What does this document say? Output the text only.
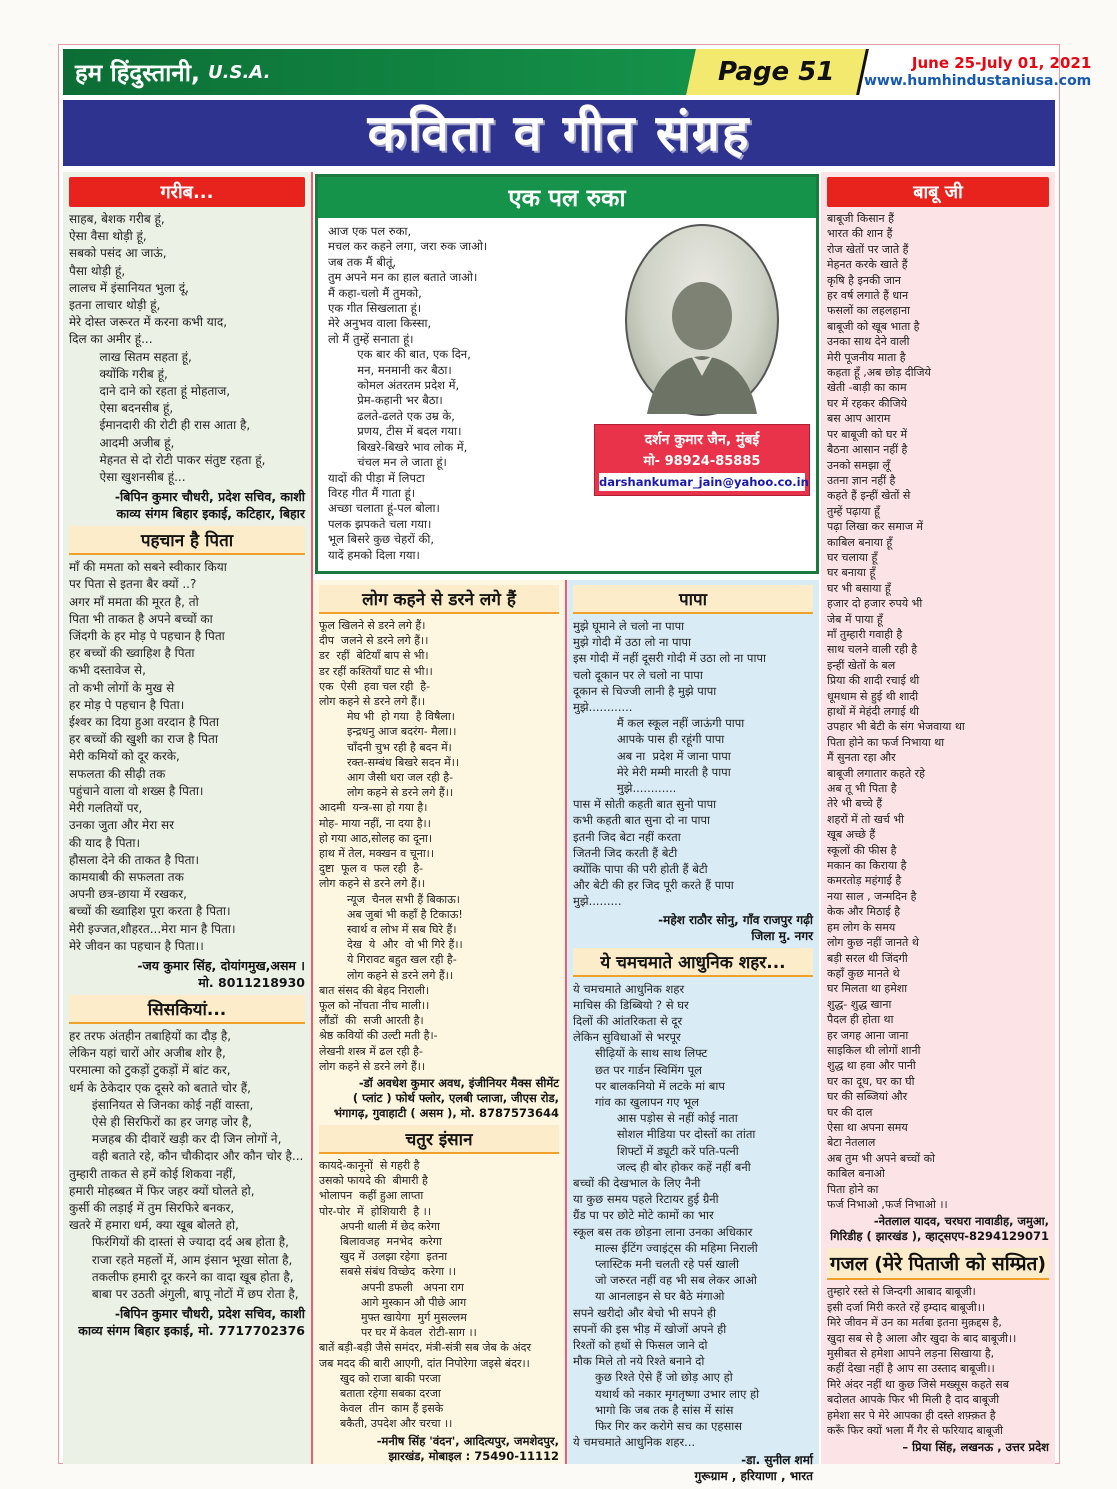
हम हिंदुस्तानी, U.S.A.	Page 51	June 25-July 01, 2021
www.humhindustaniusa.com
कविता व गीत संग्रह
गरीब...
साहब, बेशक गरीब हूं,
ऐसा वैसा थोड़ी हूं,
सबको पसंद आ जाऊं,
पैसा थोड़ी हूं,
लालच में इंसानियत भुला दूं,
इतना लाचार थोड़ी हूं,
मेरे दोस्त जरूरत में करना कभी याद,
दिल का अमीर हूं...
लाख सितम सहता हूं,
क्योंकि गरीब हूं,
दाने दाने को रहता हूं मोहताज,
ऐसा बदनसीब हूं,
ईमानदारी की रोटी ही रास आता है,
आदमी अजीब हूं,
मेहनत से दो रोटी पाकर संतुष्ट रहता हूं,
ऐसा खुशनसीब हूं...
-बिपिन कुमार चौधरी, प्रदेश सचिव, काशी
काव्य संगम बिहार इकाई, कटिहार, बिहार
पहचान है पिता
माँ की ममता को सबने स्वीकार किया
पर पिता से इतना बैर क्यों ..?
अगर माँ ममता की मूरत है, तो
पिता भी ताकत है अपने बच्चों का
जिंदगी के हर मोड़ पे पहचान है पिता
हर बच्चों की ख्वाहिश है पिता
कभी दस्तावेज से,
तो कभी लोगों के मुख से
हर मोड़ पे पहचान है पिता।
ईश्वर का दिया हुआ वरदान है पिता
हर बच्चों की खुशी का राज है पिता
मेरी कमियों को दूर करके,
सफलता की सीढ़ी तक
पहुंचाने वाला वो शख्स है पिता।
मेरी गलतियों पर,
उनका जुता और मेरा सर
की याद है पिता।
हौसला देने की ताकत है पिता।
कामयाबी की सफलता तक
अपनी छत्र-छाया में रखकर,
बच्चों की ख्वाहिश पूरा करता है पिता।
मेरी इज्जत,शौहरत...मेरा मान है पिता।
मेरे जीवन का पहचान है पिता।।
-जय कुमार सिंह, दोयांगमुख,असम ।
मो. 8011218930
सिसकियां...
हर तरफ अंतहीन तबाहियों का दौड़ है,
लेकिन यहां चारों ओर अजीब शोर है,
परमात्मा को टुकड़ों टुकड़ों में बांट कर,
धर्म के ठेकेदार एक दूसरे को बताते चोर हैं,
इंसानियत से जिनका कोई नहीं वास्ता,
ऐसे ही सिरफिरों का हर जगह जोर है,
मजहब की दीवारें खड़ी कर दी जिन लोगों ने,
वही बताते रहे, कौन चौकीदार और कौन चोर है...
तुम्हारी ताकत से हमें कोई शिकवा नहीं,
हमारी मोहब्बत में फिर जहर क्यों घोलते हो,
कुर्सी की लड़ाई में तुम सिरफिरे बनकर,
खतरे में हमारा धर्म, क्या खूब बोलते हो,
फिरंगियों की दास्तां से ज्यादा दर्द अब होता है,
राजा रहते महलों में, आम इंसान भूखा सोता है,
तकलीफ हमारी दूर करने का वादा खूब होता है,
बाबा पर उठती अंगुली, बापू नोटों में छप रोता है,
-बिपिन कुमार चौधरी, प्रदेश सचिव, काशी
काव्य संगम बिहार इकाई, मो. 7717702376
एक पल रुका
आज एक पल रुका,
मचल कर कहने लगा, जरा रुक जाओ।
जब तक मैं बीतूं,
तुम अपने मन का हाल बताते जाओ।
मैं कहा-चलो मैं तुमको,
एक गीत सिखलाता हूं।
मेरे अनुभव वाला किस्सा,
लो मैं तुम्हें सनाता हूं।
एक बार की बात, एक दिन,
मन, मनमानी कर बैठा।
कोमल अंतरतम प्रदेश में,
प्रेम-कहानी भर बैठा।
ढलते-ढलते एक उम्र के,
प्रणय, टीस में बदल गया।
बिखरे-बिखरे भाव लोक में,
चंचल मन ले जाता हूं।
यादों की पीड़ा में लिपटा
विरह गीत मैं गाता हूं।
अच्छा चलाता हूं-पल बोला।
पलक झपकते चला गया।
भूल बिसरे कुछ चेहरों की,
यादें हमको दिला गया।
दर्शन कुमार जैन, मुंबई
मो- 98924-85885
darshankumar_jain@yahoo.co.in
लोग कहने से डरने लगे हैं
फूल खिलने से डरने लगे हैं।
दीप  जलने से डरने लगे हैं।।
डर  रहीं  बेटियाँ बाप से भी।
डर रहीं कश्तियाँ घाट से भी।।
एक  ऐसी  हवा चल रही  है-
लोग कहने से डरने लगे हैं।।
मेघ भी  हो गया  है विषैला।
इन्द्रधनु आज बदरंग- मैला।।
चाँदनी चुभ रही है बदन में।
रक्त-सम्बंध बिखरे सदन में।।
आग जैसी धरा जल रही है-
लोग कहने से डरने लगे हैं।।
आदमी  यन्त्र-सा हो गया है।
मोह- माया नहीं, ना दया है।।
हो गया आठ,सोलह का दूना।
हाथ में तेल, मक्खन व चूना।।
दुष्टा  फूल व  फल रही  है-
लोग कहने से डरने लगे हैं।।
न्यूज  चैनल सभी हैं बिकाऊ।
अब जुबां भी कहाँ है टिकाऊ!
स्वार्थ व लोभ में सब घिरे हैं।
देख  ये  और  वो भी गिरे हैं।।
ये गिरावट बहुत खल रही है-
लोग कहने से डरने लगे हैं।।
बात संसद की बेहद निराली।
फूल को नोंचता नीच माली।।
लौंडों  की  सजी आरती है।
श्रेष्ठ कवियों की उल्टी मती है।-
लेखनी शस्त्र में ढल रही है-
लोग कहने से डरने लगे हैं।।
-डॉ अवधेश कुमार अवध, इंजीनियर मैक्स सीमेंट
( प्लांट ) फोर्थ फ्लोर, एलबी प्लाजा, जीएस रोड,
भंगागढ़, गुवाहाटी ( असम ), मो. 8787573644
चतुर इंसान
कायदे-कानूनों  से गहरी है
उसको फायदे की  बीमारी है
भोलापन  कहीं हुआ लाप्ता
पोर-पोर  में  होशियारी  है ।।
अपनी थाली में छेद करेगा
बिलावजह  मनभेद  करेगा
खुद में  उलझा रहेगा  इतना
सबसे संबंध विच्छेद  करेगा ।।
अपनी डफली   अपना राग
आगे मुस्कान औ पीछे आग
मुफ्त खायेगा  मुर्ग मुसल्लम
पर घर में केवल  रोटी-साग ।।
बातें बड़ी-बड़ी जैसे समंदर, मंत्री-संत्री सब जेब के अंदर
जब मदद की बारी आएगी, दांत निपोरेगा जइसे बंदर।।
खुद को राजा बाकी परजा
बताता रहेगा सबका दरजा
केवल  तीन  काम हैं इसके
बकैती, उपदेश और चरचा ।।
-मनीष सिंह 'वंदन', आदित्यपुर, जमशेदपुर,
झारखंड, मोबाइल : 75490-11112
पापा
मुझे घूमाने ले चलो ना पापा
मुझे गोदी में उठा लो ना पापा
इस गोदी में नहीं दूसरी गोदी में उठा लो ना पापा
चलो दूकान पर ले चलो ना पापा
दूकान से चिज्जी लानी है मुझे पापा
मुझे............
मैं कल स्कूल नहीं जाऊंगी पापा
आपके पास ही रहूंगी पापा
अब ना  प्रदेश में जाना पापा
मेरे मेरी मम्मी मारती है पापा
मुझे............
पास में सोती कहती बात सुनो पापा
कभी कहती बात सुना दो ना पापा
इतनी जिद बेटा नहीं करता
जितनी जिद करती हैं बेटी
क्योंकि पापा की परी होती हैं बेटी
और बेटी की हर जिद पूरी करते हैं पापा
मुझे.........
-महेश राठौर सोनु, गाँव राजपुर गढ़ी
जिला मु. नगर
ये चमचमाते आधुनिक शहर...
ये चमचमाते आधुनिक शहर
माचिस की डिब्बियो ? से घर
दिलों की आंतरिकता से दूर
लेकिन सुविधाओं से भरपूर
सीढ़ियों के साथ साथ लिफ्ट
छत पर गार्डन स्विमिंग पूल
पर बालकनियो में लटके मां बाप
गांव का खुलापन गए भूल
आस पड़ोस से नहीं कोई नाता
सोशल मीडिया पर दोस्तों का तांता
शिफ्टों में ड्यूटी करें पति-पत्नी
जल्द ही बोर होकर कहें नहीं बनी
बच्चों की देखभाल के लिए नैनी
या कुछ समय पहले रिटायर हुई ग्रैनी
ग्रैंड पा पर छोटे मोटे कामों का भार
स्कूल बस तक छोड़ना लाना उनका अधिकार
माल्स ईटिंग ज्वाइंट्स की महिमा निराली
प्लास्टिक मनी चलती रहे पर्स खाली
जो जरुरत नहीं वह भी सब लेकर आओ
या आनलाइन से घर बैठे मंगाओ
सपने खरीदो और बेचो भी सपने ही
सपनों की इस भीड़ में खोजों अपने ही
रिश्तों को हथों से फिसल जाने दो
मौक मिले तो नये रिश्ते बनाने दो
कुछ रिश्ते ऐसे हैं जो छोड़ आए हो
यथार्थ को नकार मृगतृष्णा उभार लाए हो
भागो कि जब तक है सांस में सांस
फिर गिर कर करोगे सच का एहसास
ये चमचमाते आधुनिक शहर...
-डा. सुनील शर्मा
गुरूग्राम , हरियाणा , भारत
बाबू जी
बाबूजी किसान हैं
भारत की शान हैं
रोज खेतों पर जाते हैं
मेहनत करके खाते हैं
कृषि है इनकी जान
हर वर्ष लगाते हैं धान
फसलों का लहलहाना
बाबूजी को खूब भाता है
उनका साथ देने वाली
मेरी पूजनीय माता है
कहता हूँ ,अब छोड़ दीजिये
खेती -बाड़ी का काम
घर में रहकर कीजिये
बस आप आराम
पर बाबूजी को घर में
बैठना आसान नहीं है
उनको समझा लूँ
उतना ज्ञान नहीं है
कहते हैं इन्हीं खेतों से
तुम्हें पढ़ाया हूँ
पढ़ा लिखा कर समाज में
काबिल बनाया हूँ
घर चलाया हूँ
घर बनाया हूँ
घर भी बसाया हूँ
हजार दो हजार रुपये भी
जेब में पाया हूँ
माँ तुम्हारी गवाही है
साथ चलने वाली रही है
इन्हीं खेतों के बल
प्रिया की शादी रचाई थी
धूमधाम से हुई थी शादी
हाथों में मेहंदी लगाई थी
उपहार भी बेटी के संग भेजवाया था
पिता होने का फर्ज निभाया था
मैं सुनता रहा और
बाबूजी लगातार कहते रहे
अब तू भी पिता है
तेरे भी बच्चे हैं
शहरों में तो खर्च भी
खूब अच्छे हैं
स्कूलों की फीस है
मकान का किराया है
कमरतोड़ महंगाई है
नया साल , जन्मदिन है
केक और मिठाई है
हम लोग के समय
लोग कुछ नहीं जानते थे
बड़ी सरल थी जिंदगी
कहाँ कुछ मानते थे
घर मिलता था हमेशा
शुद्ध- शुद्ध खाना
पैदल ही होता था
हर जगह आना जाना
साइकिल थी लोगों शानी
शुद्ध था हवा और पानी
घर का दूध, घर का घी
घर की सब्जियां और
घर की दाल
ऐसा था अपना समय
बेटा नेतलाल
अब तुम भी अपने बच्चों को
काबिल बनाओ
पिता होने का
फर्ज निभाओ ,फर्ज निभाओ ।।
-नेतलाल यादव, चरघरा नावाडीह, जमुआ,
गिरिडीह ( झारखंड ), व्हाट्सएप-8294129071
गजल (मेरे पिताजी को सम्प्रित)
तुम्हारे रस्ते से जिन्दगी आबाद बाबूजी।
इसी दर्जा मिरी करते रहें इम्दाद बाबूजी।।
मिरे जीवन में उन का मर्तबा इतना मुक़द्दस है,
खुदा सब से है आला और खुदा के बाद बाबूजी।।
मुसीबत से हमेशा आपने लड़ना सिखाया है,
कहीं देखा नहीं है आप सा उस्ताद बाबूजी।।
मिरे अंदर नहीं था कुछ जिसे मख्सूस कहते सब
बदोलत आपके फिर भी मिली है दाद बाबूजी
हमेशा सर पे मेरे आपका ही दस्ते शफ़्क़त है
करूँ फिर क्यों भला मैं गैर से फरियाद बाबूजी
– प्रिया सिंह, लखनऊ , उत्तर प्रदेश
